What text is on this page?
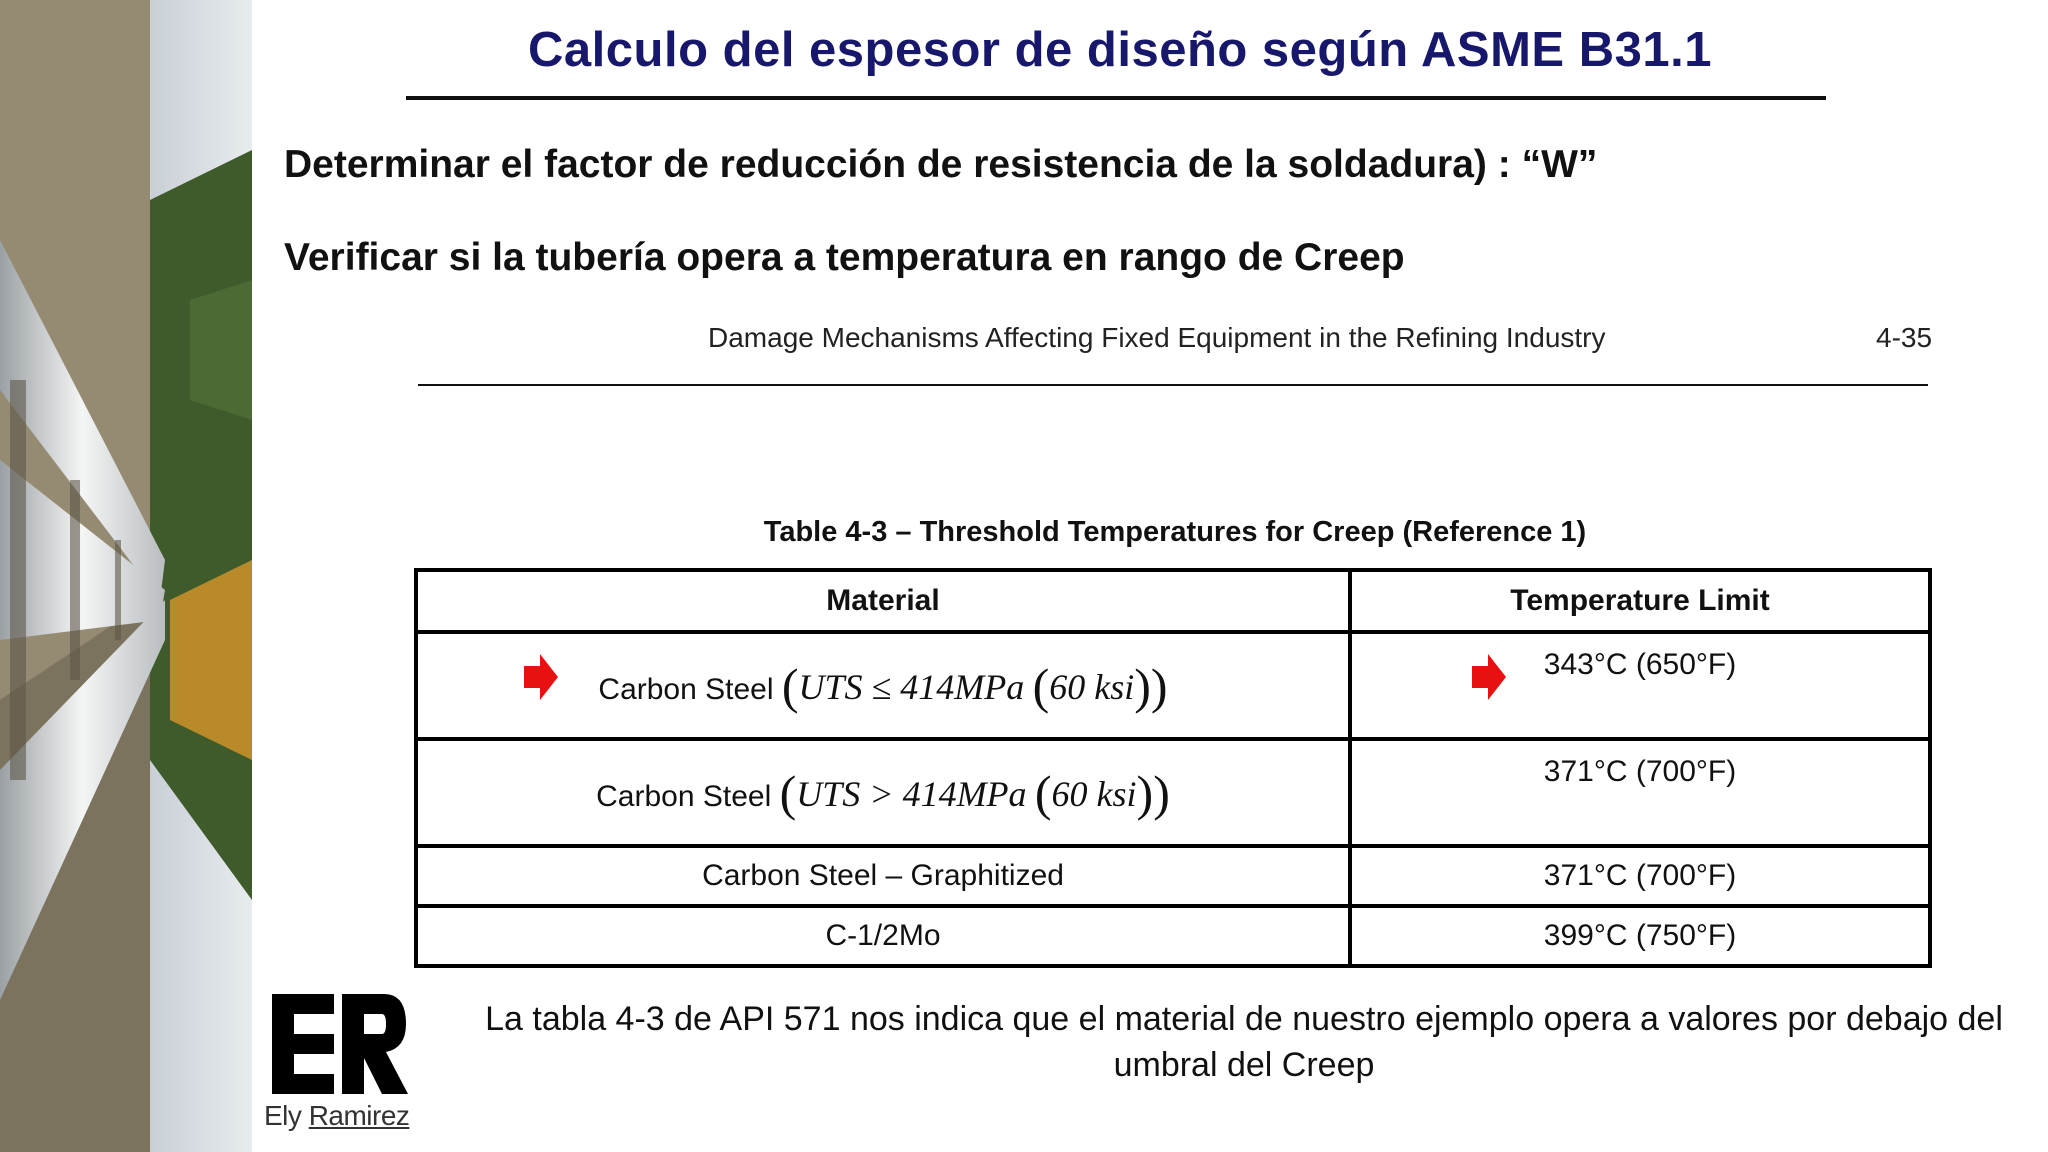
Calculo del espesor de diseño según ASME B31.1
Determinar el factor de reducción de resistencia de la soldadura) : “W”
Verificar si la tubería opera a temperatura en rango de Creep
Damage Mechanisms Affecting Fixed Equipment in the Refining Industry	4-35
Table 4-3 – Threshold Temperatures for Creep (Reference 1)
Material	Temperature Limit

Carbon Steel (UTS ≤ 414MPa (60 ksi))	343°C (650°F)
Carbon Steel (UTS > 414MPa (60 ksi))	371°C (700°F)
Carbon Steel – Graphitized	371°C (700°F)
C-1/2Mo	399°C (750°F)
Ely Ramirez
La tabla 4-3 de API 571 nos indica que el material de nuestro ejemplo opera a valores por debajo del umbral del Creep
